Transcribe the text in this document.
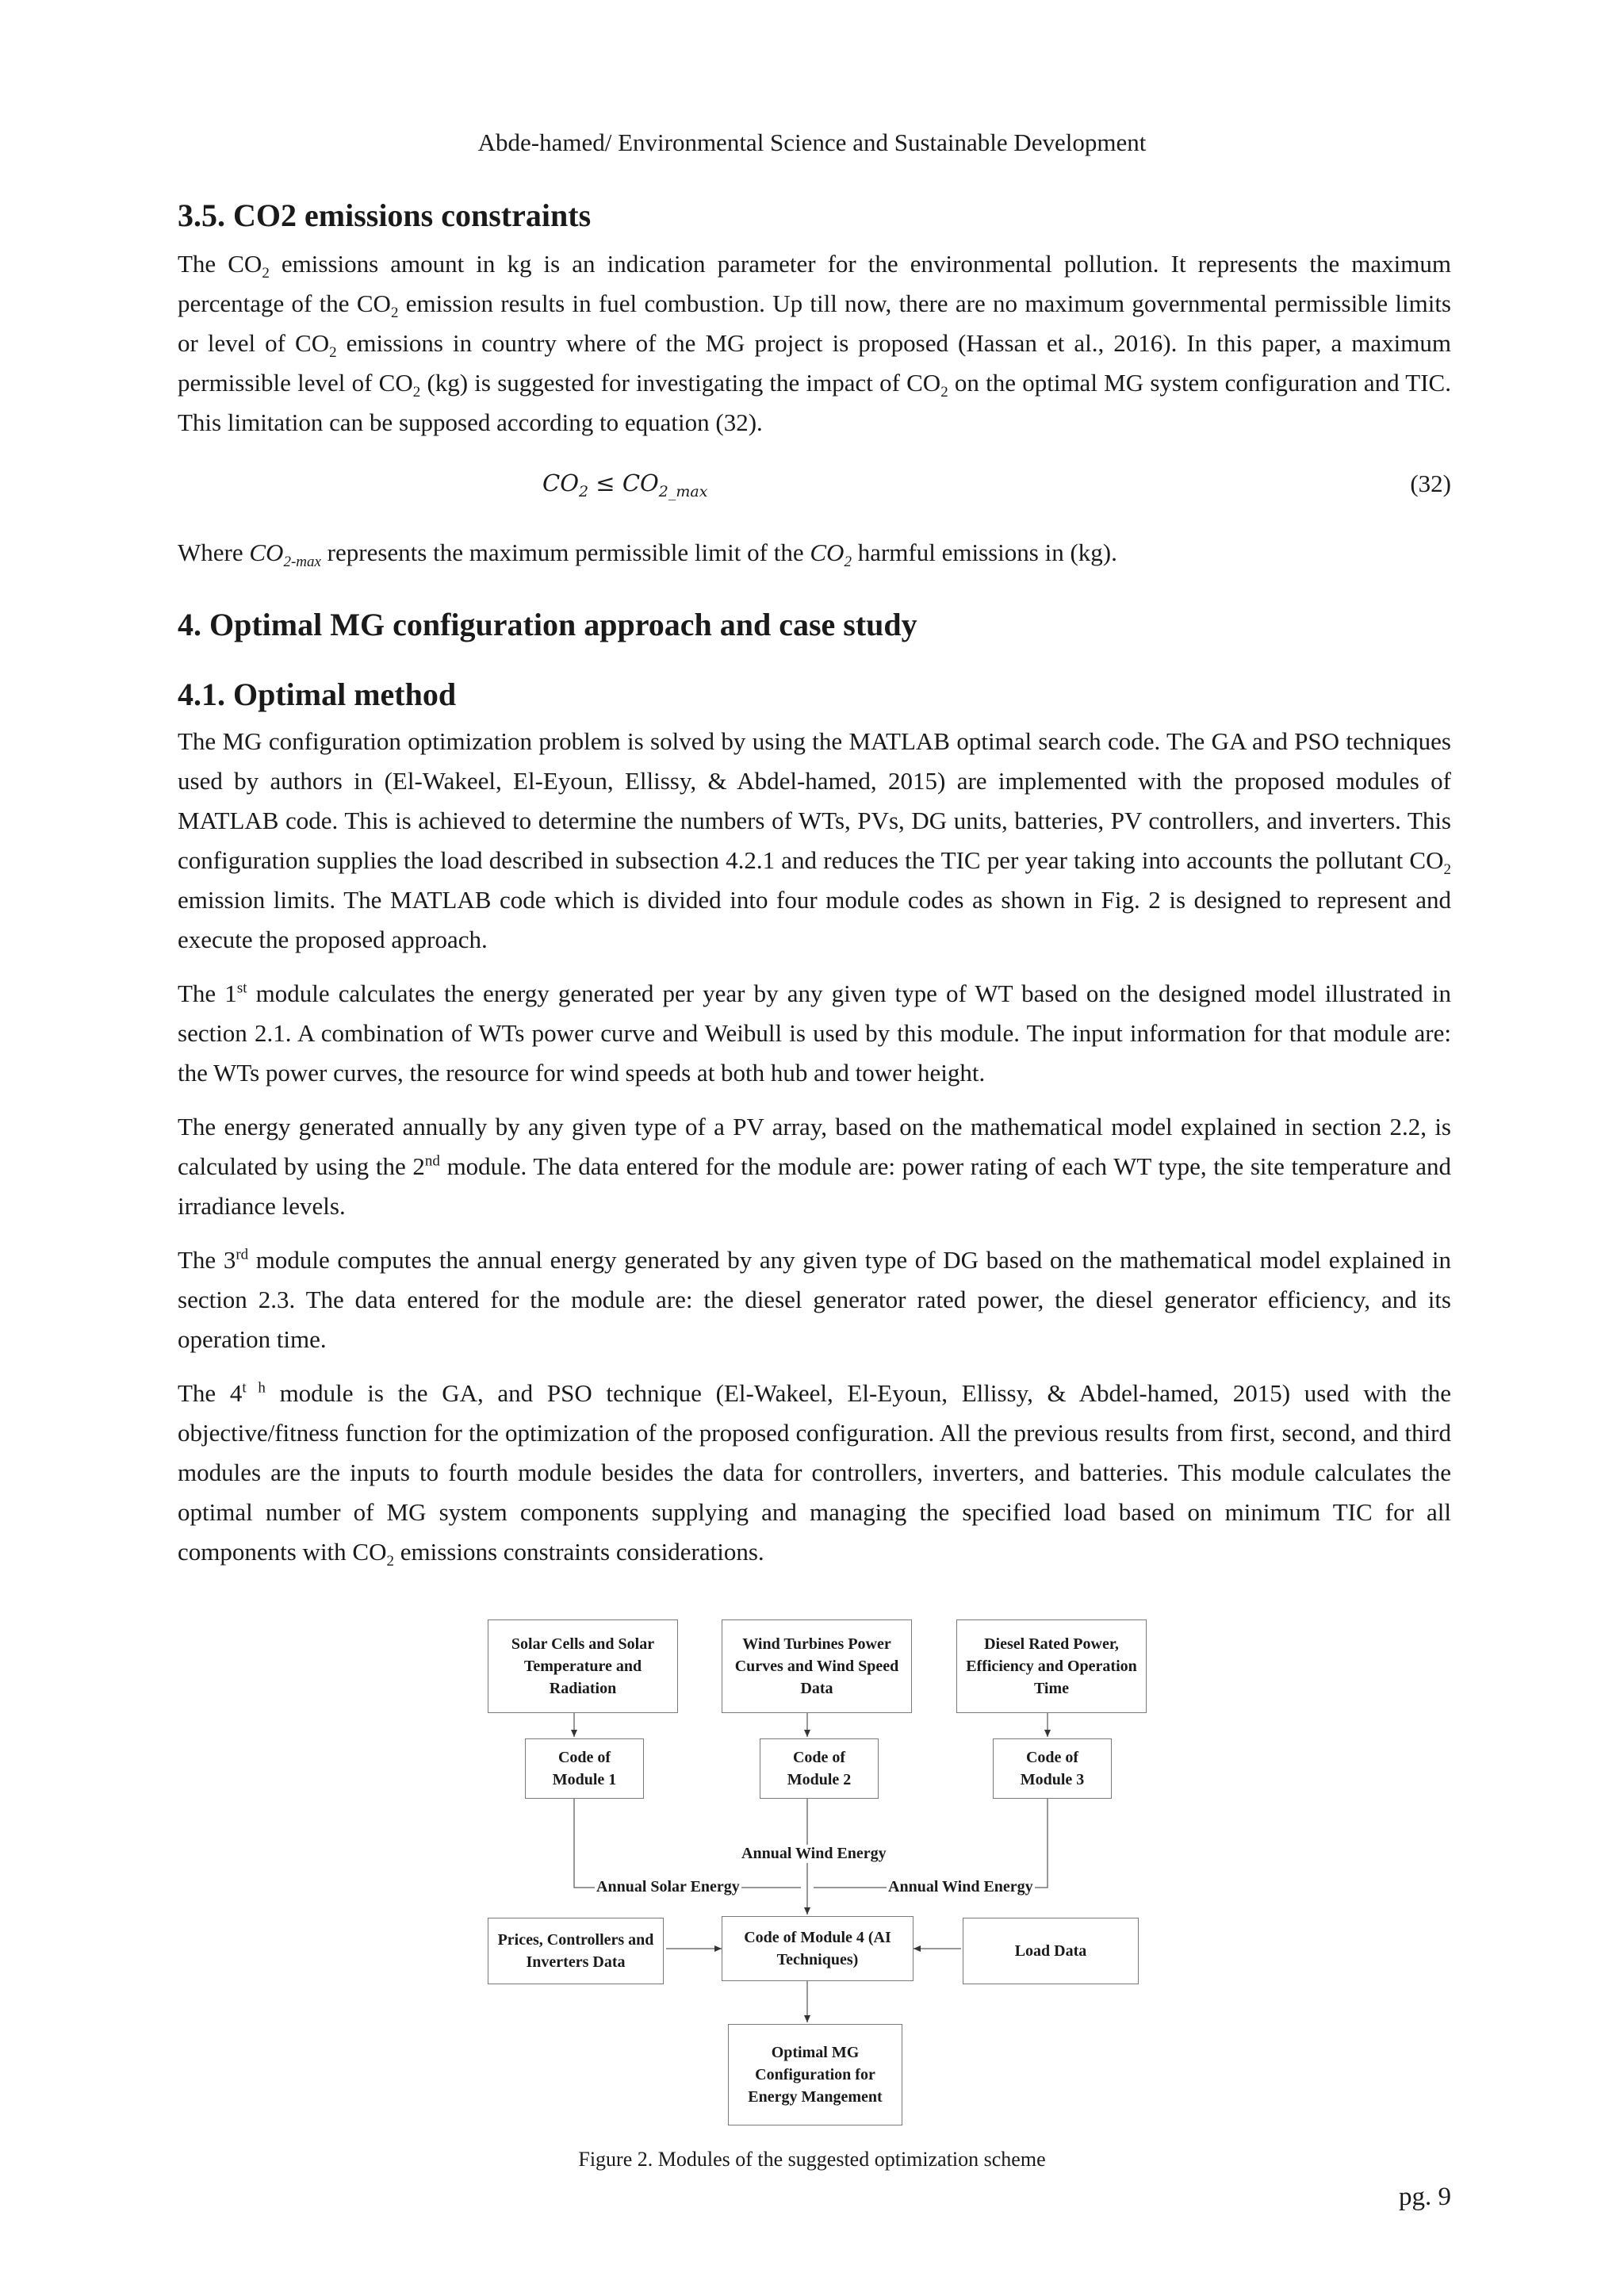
Abde-hamed/ Environmental Science and Sustainable Development
3.5. CO2 emissions constraints

The $CO_2$ emissions amount in kg is an indication parameter for the environmental pollution. It represents the maximum percentage of the $CO_2$ emission results in fuel combustion. Up till now, there are no maximum governmental permissible limits or level of $CO_2$ emissions in country where of the MG project is proposed (Hassan et al., 2016). In this paper, a maximum permissible level of $CO_2$ (kg) is suggested for investigating the impact of $CO_2$ on the optimal MG system configuration and TIC. This limitation can be supposed according to equation (32).

$CO_2 \le CO_{2\_max}$	(32)

Where $CO_{2-max}$ represents the maximum permissible limit of the $CO_2$ harmful emissions in (kg).

4. Optimal MG configuration approach and case study
4.1. Optimal method

The MG configuration optimization problem is solved by using the MATLAB optimal search code. The GA and PSO techniques used by authors in (El-Wakeel, El-Eyoun, Ellissy, & Abdel-hamed, 2015) are implemented with the proposed modules of MATLAB code. This is achieved to determine the numbers of WTs, PVs, DG units, batteries, PV controllers, and inverters. This configuration supplies the load described in subsection 4.2.1 and reduces the TIC per year taking into accounts the pollutant $CO_2$ emission limits. The MATLAB code which is divided into four module codes as shown in Fig. 2 is designed to represent and execute the proposed approach.

The 1st module calculates the energy generated per year by any given type of WT based on the designed model illustrated in section 2.1. A combination of WTs power curve and Weibull is used by this module. The input information for that module are: the WTs power curves, the resource for wind speeds at both hub and tower height.

The energy generated annually by any given type of a PV array, based on the mathematical model explained in section 2.2, is calculated by using the 2nd module. The data entered for the module are: power rating of each WT type, the site temperature and irradiance levels.

The 3rd module computes the annual energy generated by any given type of DG based on the mathematical model explained in section 2.3. The data entered for the module are: the diesel generator rated power, the diesel generator efficiency, and its operation time.

The $4^{t h}$ module is the GA, and PSO technique (El-Wakeel, El-Eyoun, Ellissy, & Abdel-hamed, 2015) used with the objective/fitness function for the optimization of the proposed configuration. All the previous results from first, second, and third modules are the inputs to fourth module besides the data for controllers, inverters, and batteries. This module calculates the optimal number of MG system components supplying and managing the specified load based on minimum TIC for all components with $CO_2$ emissions constraints considerations.

Solar Cells and Solar Temperature and Radiation
Wind Turbines Power Curves and Wind Speed Data
Diesel Rated Power, Efficiency and Operation Time
Code of Module 1
Code of Module 2
Code of Module 3
Annual Wind Energy
Annual Solar Energy	Annual Wind Energy
Prices, Controllers and Inverters Data
Code of Module 4 (AI Techniques)	Load Data
Optimal MG Configuration for Energy Mangement
Figure 2. Modules of the suggested optimization scheme
pg. 9
